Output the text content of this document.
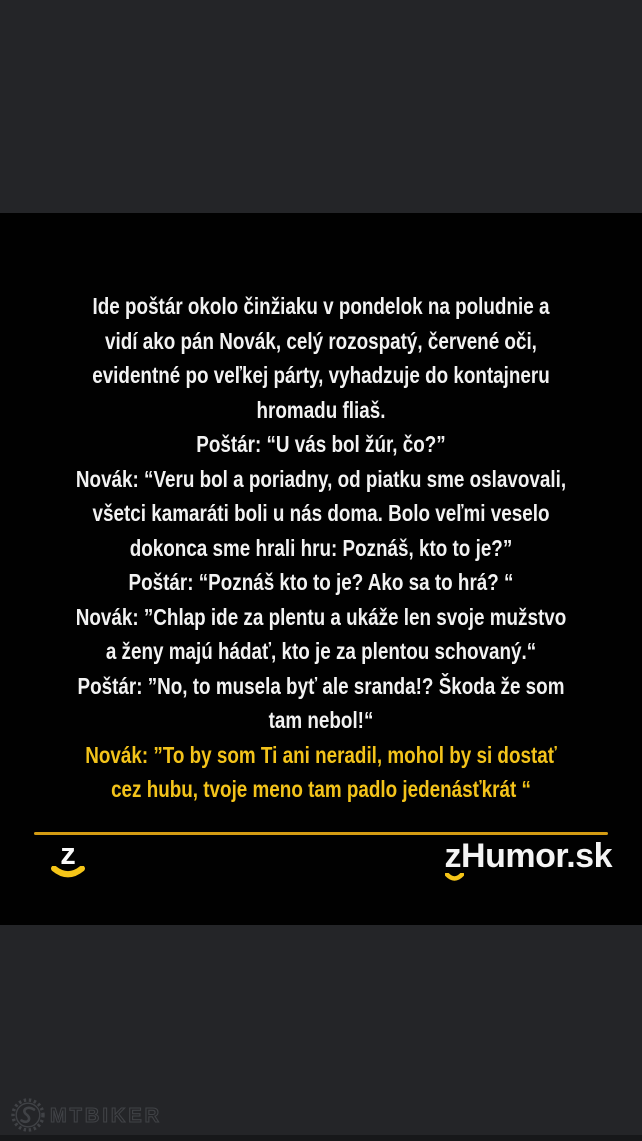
Ide poštár okolo činžiaku v pondelok na poludnie a
vidí ako pán Novák, celý rozospatý, červené oči,
evidentné po veľkej párty, vyhadzuje do kontajneru
hromadu fliaš.
Poštár: “U vás bol žúr, čo?”
Novák: “Veru bol a poriadny, od piatku sme oslavovali,
všetci kamaráti boli u nás doma. Bolo veľmi veselo
dokonca sme hrali hru: Poznáš, kto to je?”
Poštár: “Poznáš kto to je? Ako sa to hrá? “
Novák: ”Chlap ide za plentu a ukáže len svoje mužstvo
a ženy majú hádať, kto je za plentou schovaný.“
Poštár: ”No, to musela byť ale sranda!? Škoda že som
tam nebol!“
Novák: ”To by som Ti ani neradil, mohol by si dostať
cez hubu, tvoje meno tam padlo jedenásťkrát “
z	z
Humor.sk
MTBIKER
